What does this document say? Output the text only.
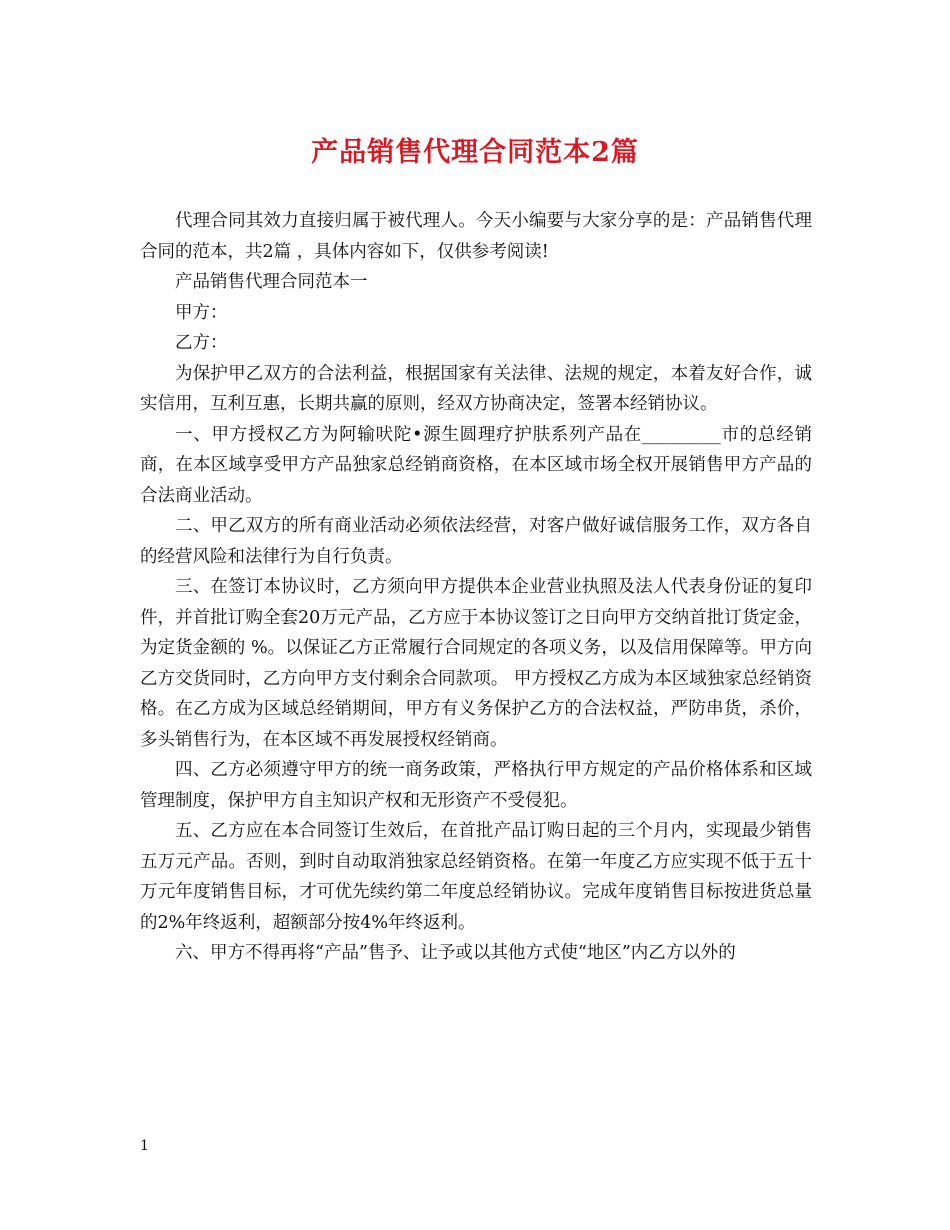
产品销售代理合同范本2篇

代理合同其效力直接归属于被代理人。今天小编要与大家分享的是：产品销售代理合同的范本，共2篇 ，具体内容如下，仅供参考阅读!

产品销售代理合同范本一

甲方：

乙方：

为保护甲乙双方的合法利益，根据国家有关法律、法规的规定，本着友好合作，诚实信用，互利互惠，长期共赢的原则，经双方协商决定，签署本经销协议。

一、甲方授权乙方为阿输吠陀•源生圆理疗护肤系列产品在_________市的总经销商，在本区域享受甲方产品独家总经销商资格，在本区域市场全权开展销售甲方产品的合法商业活动。

二、甲乙双方的所有商业活动必须依法经营，对客户做好诚信服务工作，双方各自的经营风险和法律行为自行负责。

三、在签订本协议时，乙方须向甲方提供本企业营业执照及法人代表身份证的复印件，并首批订购全套20万元产品，乙方应于本协议签订之日向甲方交纳首批订货定金，为定货金额的 %。以保证乙方正常履行合同规定的各项义务，以及信用保障等。甲方向乙方交货同时，乙方向甲方支付剩余合同款项。 甲方授权乙方成为本区域独家总经销资格。在乙方成为区域总经销期间，甲方有义务保护乙方的合法权益，严防串货，杀价，多头销售行为，在本区域不再发展授权经销商。

四、乙方必须遵守甲方的统一商务政策，严格执行甲方规定的产品价格体系和区域管理制度，保护甲方自主知识产权和无形资产不受侵犯。

五、乙方应在本合同签订生效后，在首批产品订购日起的三个月内，实现最少销售五万元产品。否则，到时自动取消独家总经销资格。在第一年度乙方应实现不低于五十万元年度销售目标，才可优先续约第二年度总经销协议。完成年度销售目标按进货总量的2%年终返利，超额部分按4%年终返利。

六、甲方不得再将“产品”售予、让予或以其他方式使“地区”内乙方以外的

1
